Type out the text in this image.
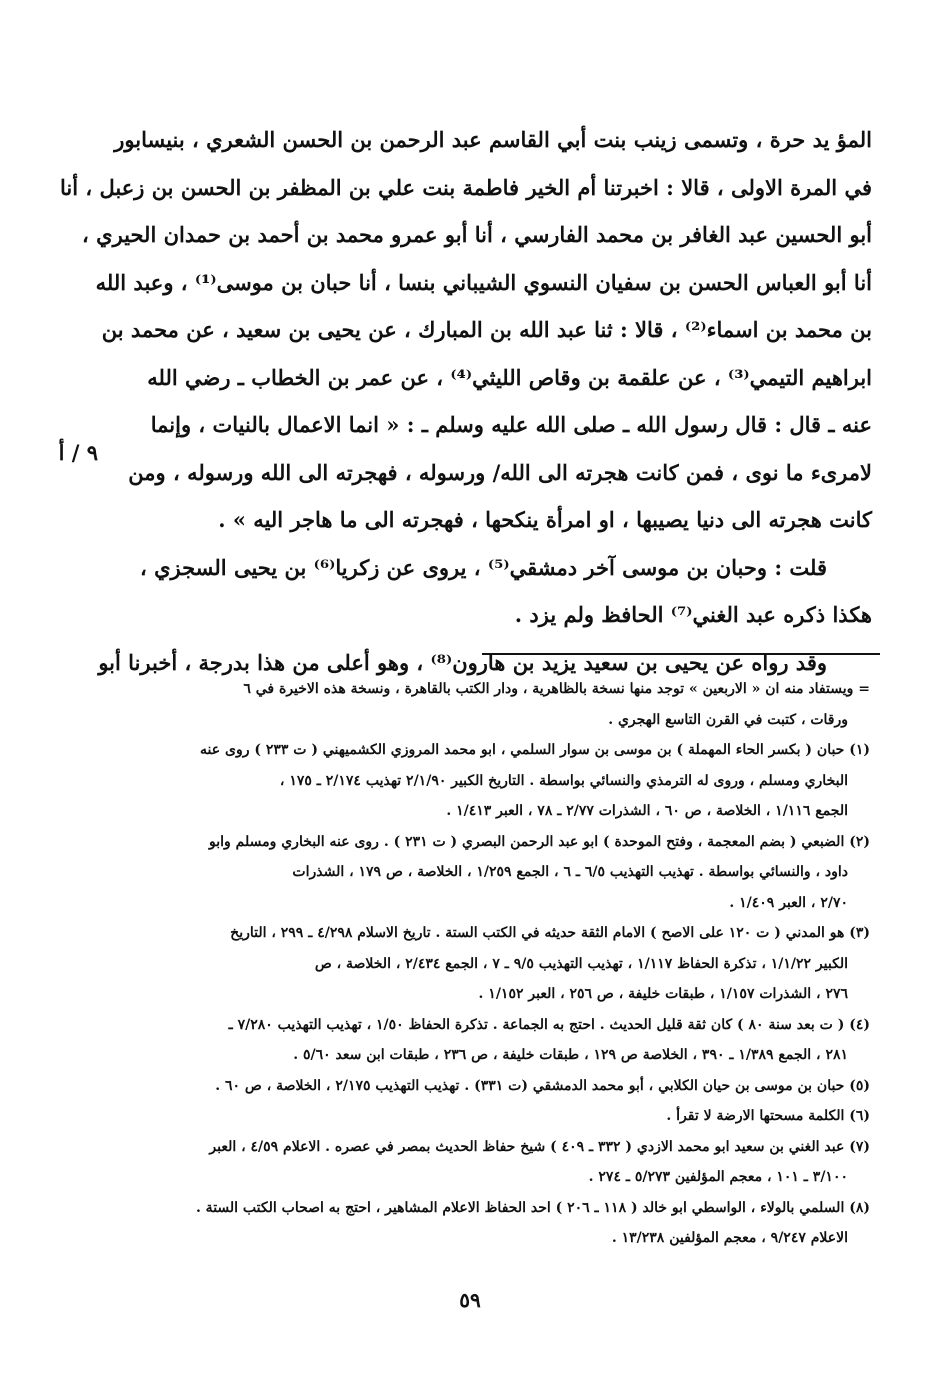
٩ / أ
المؤ يد حرة ، وتسمى زينب بنت أبي القاسم عبد الرحمن بن الحسن الشعري ، بنيسابور
في المرة الاولى ، قالا : اخبرتنا أم الخير فاطمة بنت علي بن المظفر بن الحسن بن زعبل ، أنا
أبو الحسين عبد الغافر بن محمد الفارسي ، أنا أبو عمرو محمد بن أحمد بن حمدان الحيري ،
أنا أبو العباس الحسن بن سفيان النسوي الشيباني بنسا ، أنا حبان بن موسى⁽¹⁾ ، وعبد الله
بن محمد بن اسماء⁽²⁾ ، قالا : ثنا عبد الله بن المبارك ، عن يحيى بن سعيد ، عن محمد بن
ابراهيم التيمي⁽³⁾ ، عن علقمة بن وقاص الليثي⁽⁴⁾ ، عن عمر بن الخطاب ـ رضي الله
عنه ـ قال : قال رسول الله ـ صلى الله عليه وسلم ـ : « انما الاعمال بالنيات ، وإنما
لامرىء ما نوى ، فمن كانت هجرته الى الله/ ورسوله ، فهجرته الى الله ورسوله ، ومن
كانت هجرته الى دنيا يصيبها ، او امرأة ينكحها ، فهجرته الى ما هاجر اليه » .
قلت : وحبان بن موسى آخر دمشقي⁽⁵⁾ ، يروى عن زكريا⁽⁶⁾ بن يحيى السجزي ،
هكذا ذكره عبد الغني⁽⁷⁾ الحافظ ولم يزد .
وقد رواه عن يحيى بن سعيد يزيد بن هارون⁽⁸⁾ ، وهو أعلى من هذا بدرجة ، أخبرنا أبو
= ويستفاد منه ان « الاربعين » توجد منها نسخة بالظاهرية ، ودار الكتب بالقاهرة ، ونسخة هذه الاخيرة في ٦
ورقات ، كتبت في القرن التاسع الهجري .
(١) حبان ( بكسر الحاء المهملة ) بن موسى بن سوار السلمي ، ابو محمد المروزي الكشميهني ( ت ٢٣٣ ) روى عنه
البخاري ومسلم ، وروى له الترمذي والنسائي بواسطة . التاريخ الكبير ٢/١/٩٠ تهذيب ٢/١٧٤ ـ ١٧٥ ،
الجمع ١/١١٦ ، الخلاصة ، ص ٦٠ ، الشذرات ٢/٧٧ ـ ٧٨ ، العبر ١/٤١٣ .
(٢) الضبعي ( بضم المعجمة ، وفتح الموحدة ) ابو عبد الرحمن البصري ( ت ٢٣١ ) . روى عنه البخاري ومسلم وابو
داود ، والنسائي بواسطة . تهذيب التهذيب ٦/٥ ـ ٦ ، الجمع ١/٢٥٩ ، الخلاصة ، ص ١٧٩ ، الشذرات
٢/٧٠ ، العبر ١/٤٠٩ .
(٣) هو المدني ( ت ١٢٠ على الاصح ) الامام الثقة حديثه في الكتب الستة . تاريخ الاسلام ٤/٢٩٨ ـ ٢٩٩ ، التاريخ
الكبير ١/١/٢٢ ، تذكرة الحفاظ ١/١١٧ ، تهذيب التهذيب ٩/٥ ـ ٧ ، الجمع ٢/٤٣٤ ، الخلاصة ، ص
٢٧٦ ، الشذرات ١/١٥٧ ، طبقات خليفة ، ص ٢٥٦ ، العبر ١/١٥٢ .
(٤) ( ت بعد سنة ٨٠ ) كان ثقة قليل الحديث . احتج به الجماعة . تذكرة الحفاظ ١/٥٠ ، تهذيب التهذيب ٧/٢٨٠ ـ
٢٨١ ، الجمع ١/٣٨٩ ـ ٣٩٠ ، الخلاصة ص ١٢٩ ، طبقات خليفة ، ص ٢٣٦ ، طبقات ابن سعد ٥/٦٠ .
(٥) حبان بن موسى بن حيان الكلابي ، أبو محمد الدمشقي (ت ٣٣١) . تهذيب التهذيب ٢/١٧٥ ، الخلاصة ، ص ٦٠ .
(٦) الكلمة مسحتها الارضة لا تقرأ .
(٧) عبد الغني بن سعيد ابو محمد الازدي ( ٣٣٢ ـ ٤٠٩ ) شيخ حفاظ الحديث بمصر في عصره . الاعلام ٤/٥٩ ، العبر
٣/١٠٠ ـ ١٠١ ، معجم المؤلفين ٥/٢٧٣ ـ ٢٧٤ .
(٨) السلمي بالولاء ، الواسطي ابو خالد ( ١١٨ ـ ٢٠٦ ) احد الحفاظ الاعلام المشاهير ، احتج به اصحاب الكتب الستة .
الاعلام ٩/٢٤٧ ، معجم المؤلفين ١٣/٢٣٨ .
٥٩
